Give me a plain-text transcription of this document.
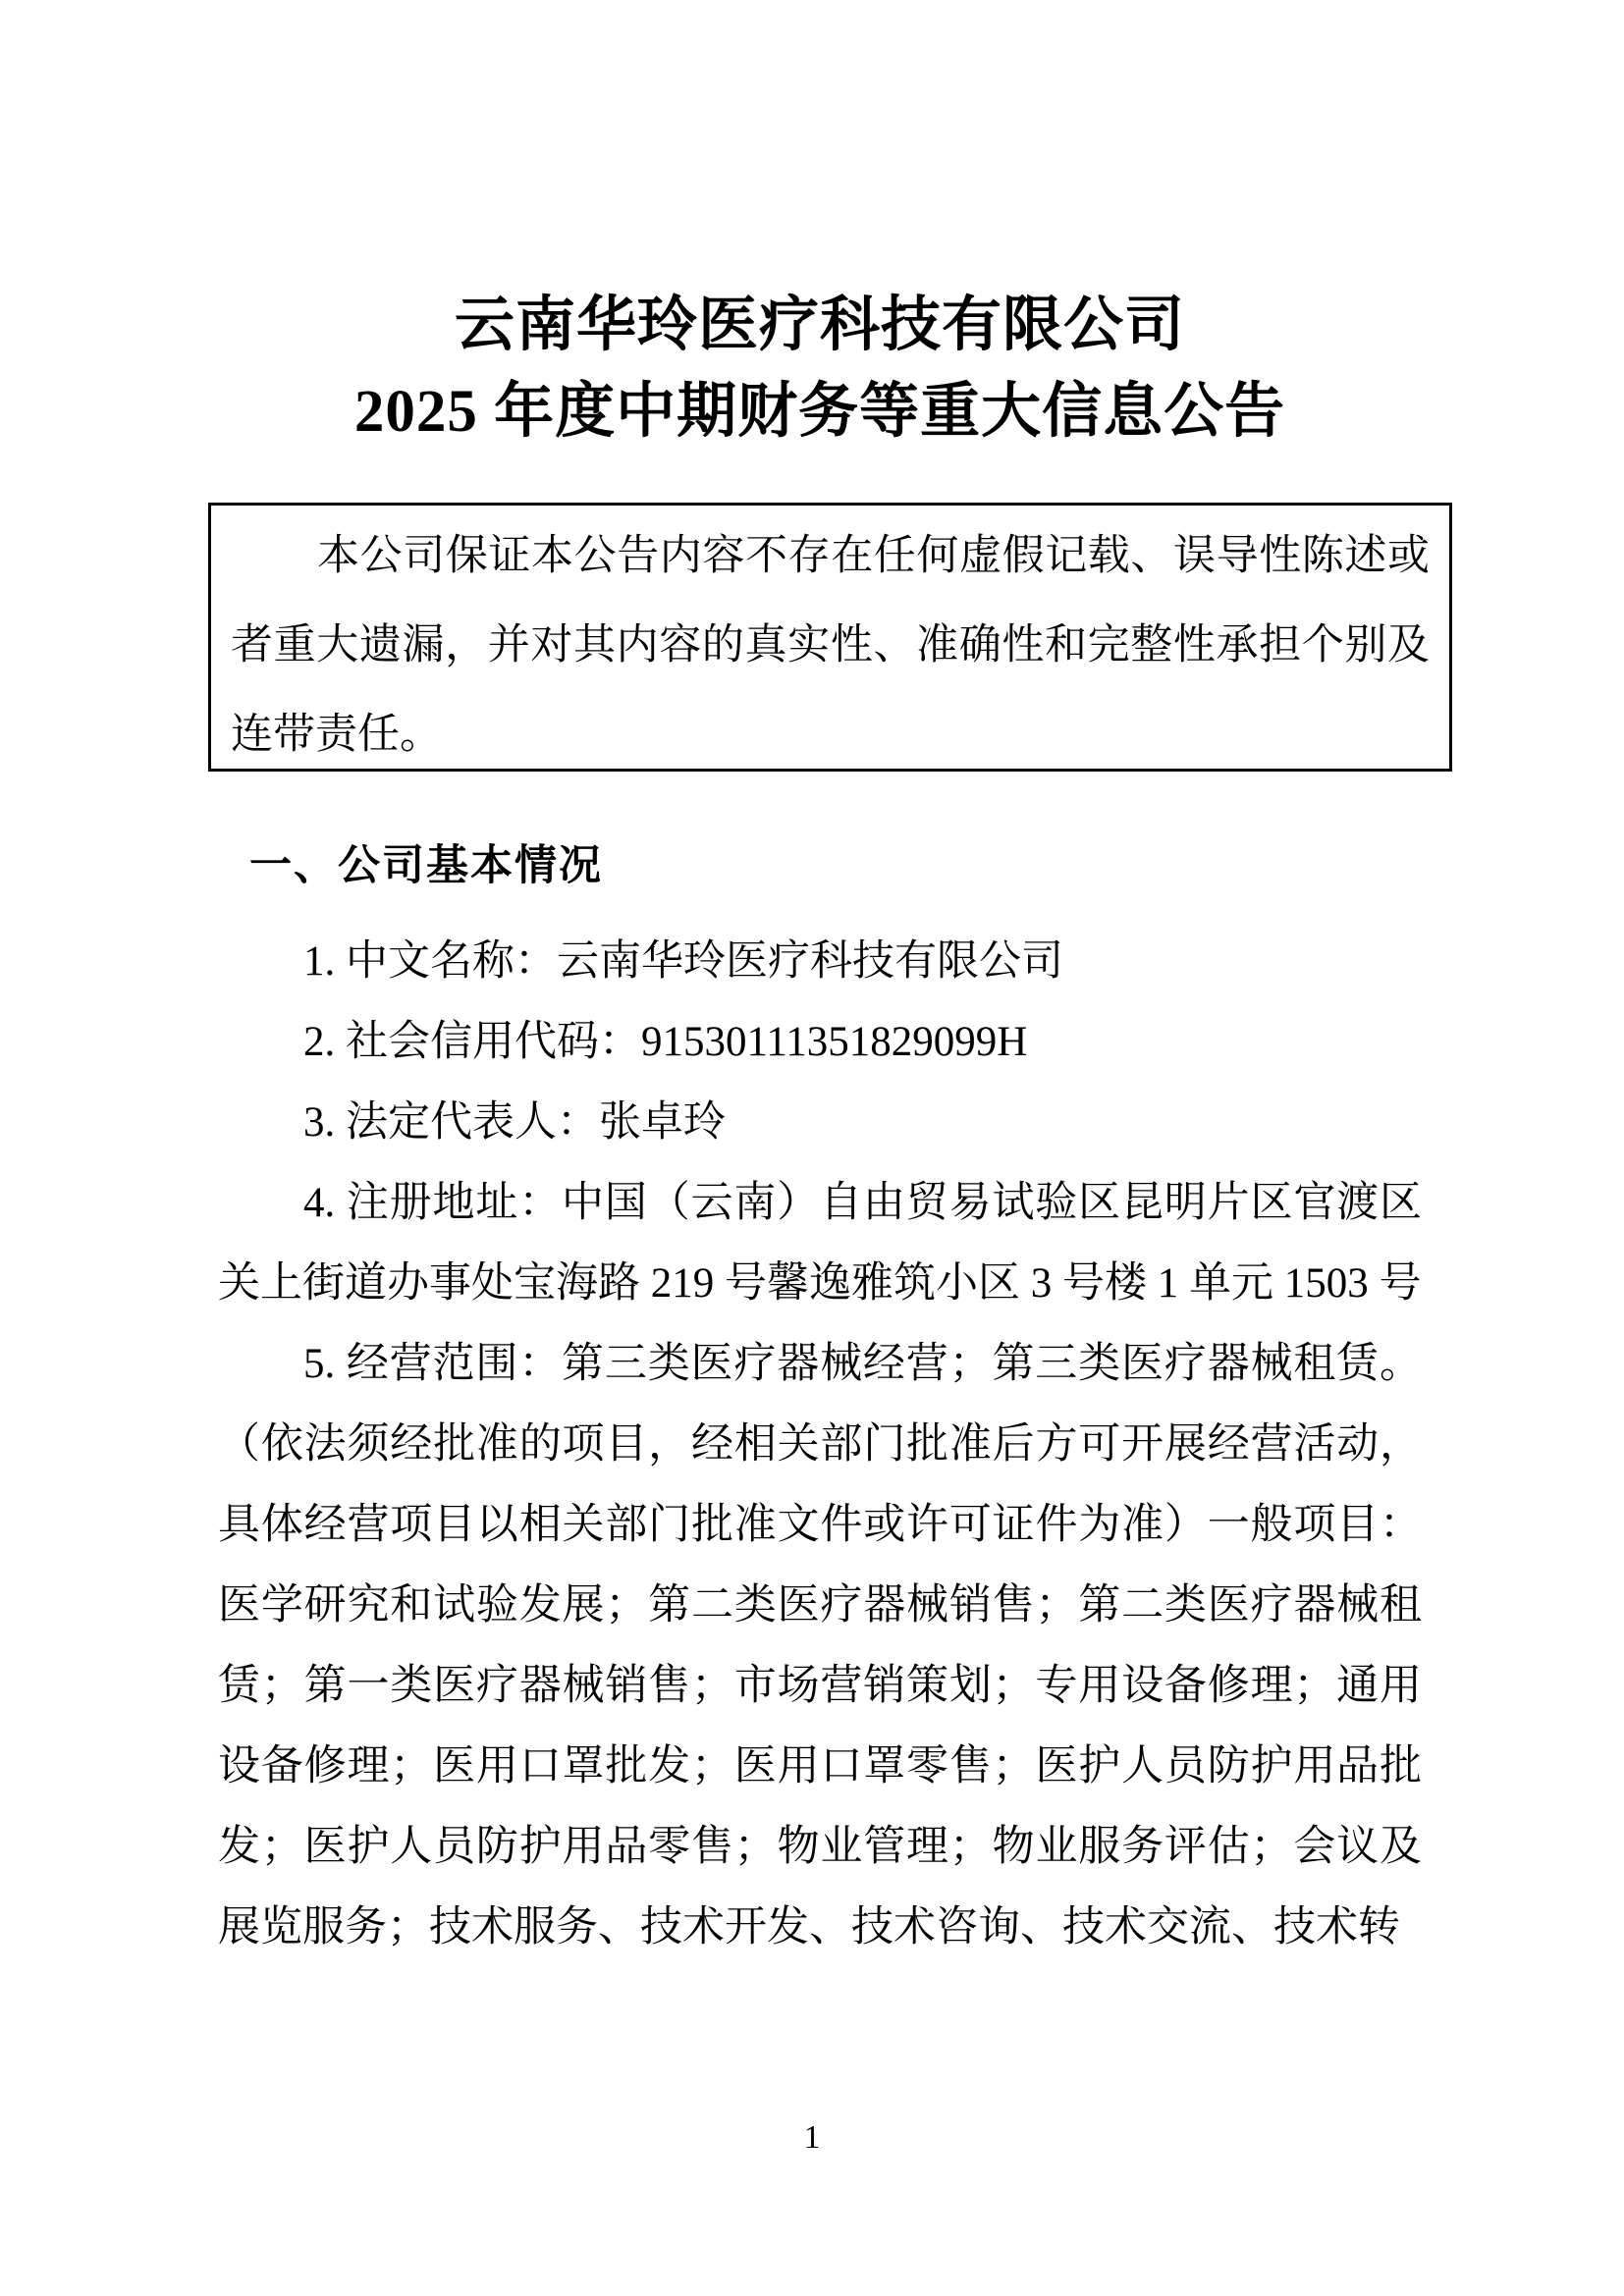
云南华玲医疗科技有限公司
2025 年度中期财务等重大信息公告

本公司保证本公告内容不存在任何虚假记载、误导性陈述或者重大遗漏，并对其内容的真实性、准确性和完整性承担个别及连带责任。

一、公司基本情况

1. 中文名称：云南华玲医疗科技有限公司

2. 社会信用代码：91530111351829099H

3. 法定代表人：张卓玲

4. 注册地址：中国（云南）自由贸易试验区昆明片区官渡区关上街道办事处宝海路 219 号馨逸雅筑小区 3 号楼 1 单元 1503 号

5. 经营范围：第三类医疗器械经营；第三类医疗器械租赁。（依法须经批准的项目，经相关部门批准后方可开展经营活动，具体经营项目以相关部门批准文件或许可证件为准）一般项目：医学研究和试验发展；第二类医疗器械销售；第二类医疗器械租赁；第一类医疗器械销售；市场营销策划；专用设备修理；通用设备修理；医用口罩批发；医用口罩零售；医护人员防护用品批发；医护人员防护用品零售；物业管理；物业服务评估；会议及展览服务；技术服务、技术开发、技术咨询、技术交流、技术转

1
